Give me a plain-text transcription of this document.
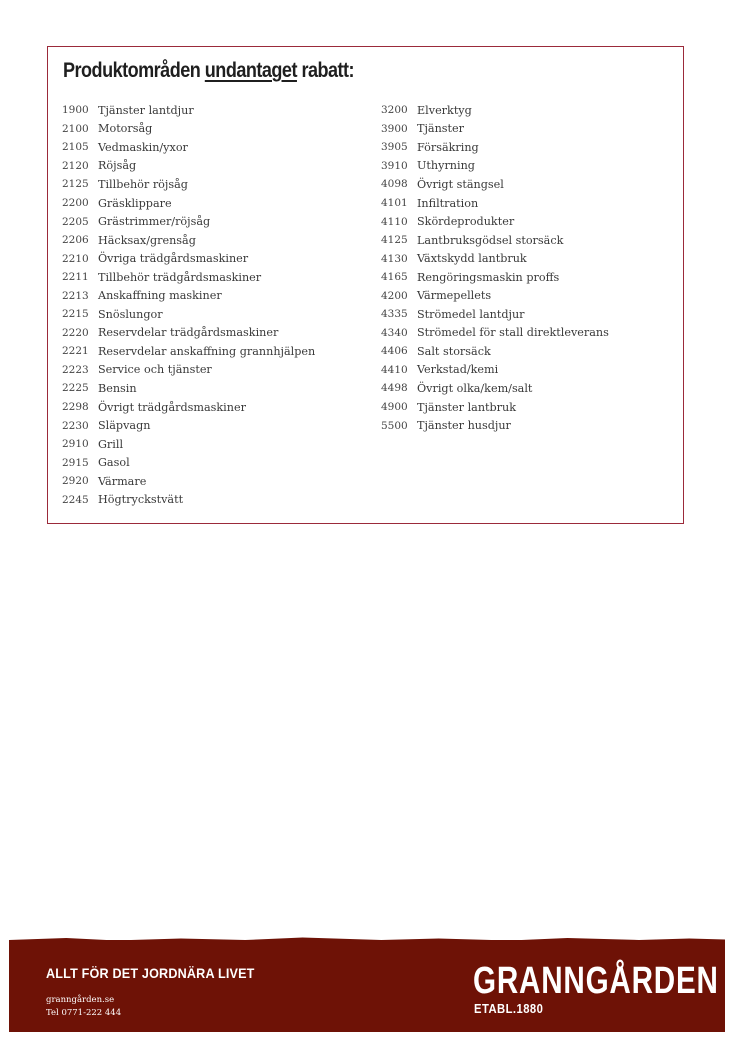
Produktområden undantaget rabatt:
1900 Tjänster lantdjur
2100 Motorsåg
2105 Vedmaskin/yxor
2120 Röjsåg
2125 Tillbehör röjsåg
2200 Gräsklippare
2205 Grästrimmer/röjsåg
2206 Häcksax/grensåg
2210 Övriga trädgårdsmaskiner
2211 Tillbehör trädgårdsmaskiner
2213 Anskaffning maskiner
2215 Snöslungor
2220 Reservdelar trädgårdsmaskiner
2221 Reservdelar anskaffning grannhjälpen
2223 Service och tjänster
2225 Bensin
2298 Övrigt trädgårdsmaskiner
2230 Släpvagn
2910 Grill
2915 Gasol
2920 Värmare
2245 Högtryckstvätt
3200 Elverktyg
3900 Tjänster
3905 Försäkring
3910 Uthyrning
4098 Övrigt stängsel
4101 Infiltration
4110 Skördeprodukter
4125 Lantbruksgödsel storsäck
4130 Växtskydd lantbruk
4165 Rengöringsmaskin proffs
4200 Värmepellets
4335 Strömedel lantdjur
4340 Strömedel för stall direktleverans
4406 Salt storsäck
4410 Verkstad/kemi
4498 Övrigt olka/kem/salt
4900 Tjänster lantbruk
5500 Tjänster husdjur
ALLT FÖR DET JORDNÄRA LIVET
granngården.se
Tel 0771-222 444
GRANNGÅRDEN
ETABL.1880
